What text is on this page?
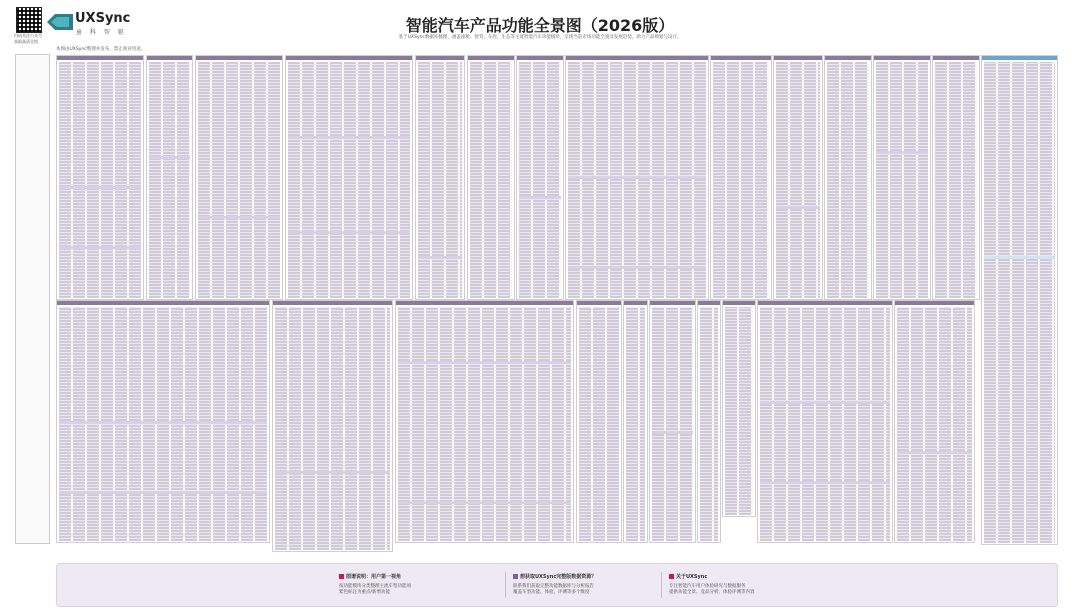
扫码关注公众号
获取高清全图
UXSync
童 科 智 驱	智能汽车产品功能全景图（2026版）
基于UXSync数据库梳理，涵盖座舱、智驾、车控、生态等主流智能汽车功能模块，呈现当前市场功能全貌及发展趋势，助力产品规划与设计。
本图由UXSync整理并发布，禁止商业用途。
图谱说明：用户第一视角
按功能模块分类整理主流车型功能项
紫色标注为重点/新增功能
想获取UXSync完整版数据资源？
联系我们获取完整功能数据库与分析报告
覆盖车型功能、体验、评测等多个维度
关于UXSync
专注智能汽车用户体验研究与数据服务
提供功能全景、竞品分析、体验评测等内容
